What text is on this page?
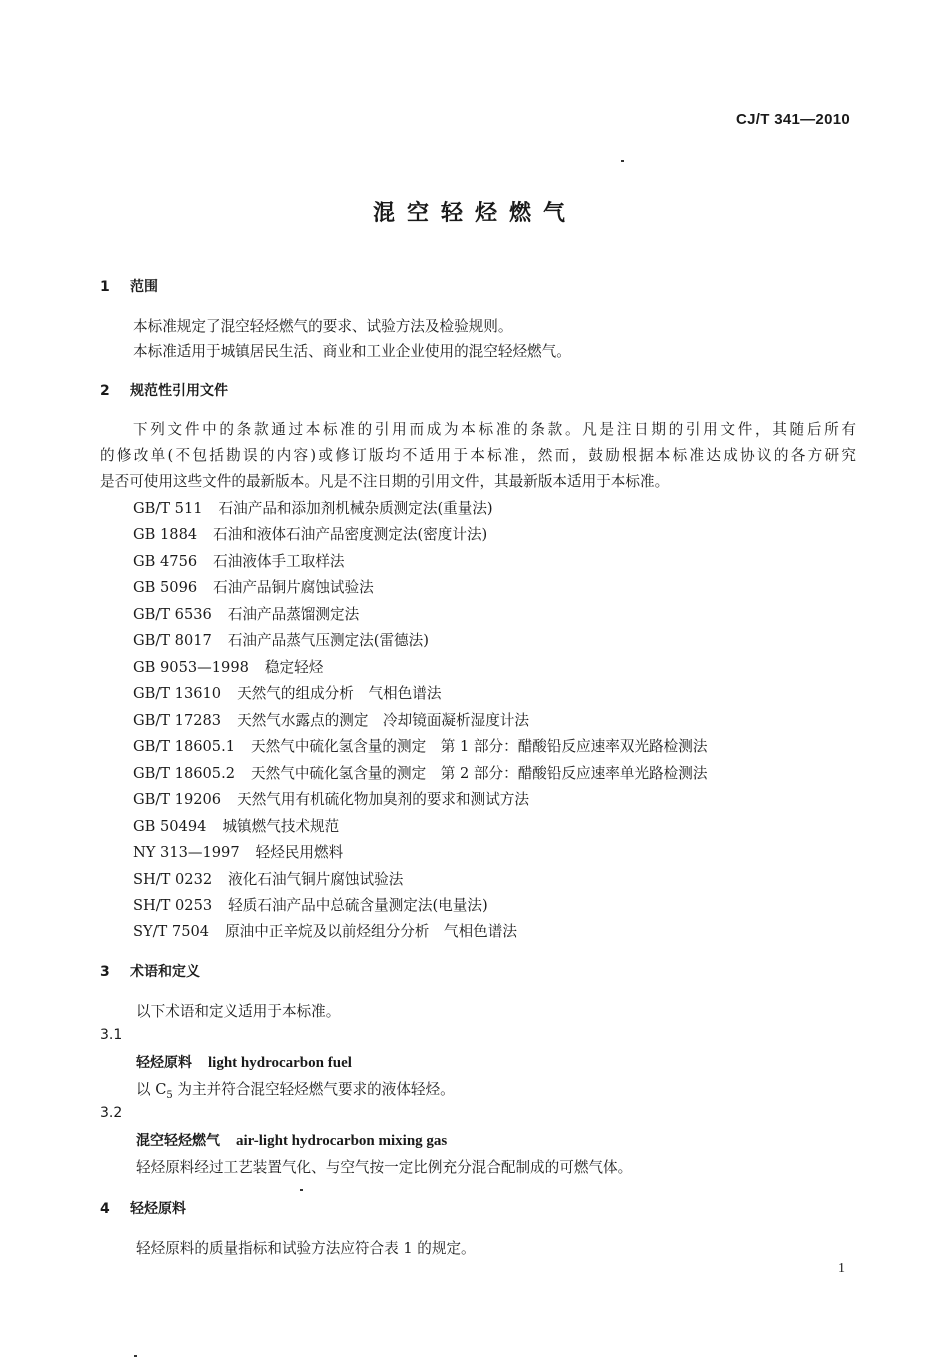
CJ/T 341—2010
混空轻烃燃气
1 范围
本标准规定了混空轻烃燃气的要求、试验方法及检验规则。
本标准适用于城镇居民生活、商业和工业企业使用的混空轻烃燃气。
2 规范性引用文件
下列文件中的条款通过本标准的引用而成为本标准的条款。凡是注日期的引用文件，其随后所有
的修改单(不包括勘误的内容)或修订版均不适用于本标准，然而，鼓励根据本标准达成协议的各方研究
是否可使用这些文件的最新版本。凡是不注日期的引用文件，其最新版本适用于本标准。
GB/T 511 石油产品和添加剂机械杂质测定法(重量法)
GB 1884 石油和液体石油产品密度测定法(密度计法)
GB 4756 石油液体手工取样法
GB 5096 石油产品铜片腐蚀试验法
GB/T 6536 石油产品蒸馏测定法
GB/T 8017 石油产品蒸气压测定法(雷德法)
GB 9053—1998 稳定轻烃
GB/T 13610 天然气的组成分析　气相色谱法
GB/T 17283 天然气水露点的测定　冷却镜面凝析湿度计法
GB/T 18605.1 天然气中硫化氢含量的测定　第 1 部分：醋酸铅反应速率双光路检测法
GB/T 18605.2 天然气中硫化氢含量的测定　第 2 部分：醋酸铅反应速率单光路检测法
GB/T 19206 天然气用有机硫化物加臭剂的要求和测试方法
GB 50494 城镇燃气技术规范
NY 313—1997 轻烃民用燃料
SH/T 0232 液化石油气铜片腐蚀试验法
SH/T 0253 轻质石油产品中总硫含量测定法(电量法)
SY/T 7504 原油中正辛烷及以前烃组分分析　气相色谱法
3 术语和定义
以下术语和定义适用于本标准。
3.1
轻烃原料 light hydrocarbon fuel
以 $C_5$ 为主并符合混空轻烃燃气要求的液体轻烃。
3.2
混空轻烃燃气 air-light hydrocarbon mixing gas
轻烃原料经过工艺装置气化、与空气按一定比例充分混合配制成的可燃气体。
4 轻烃原料
轻烃原料的质量指标和试验方法应符合表 1 的规定。
1
